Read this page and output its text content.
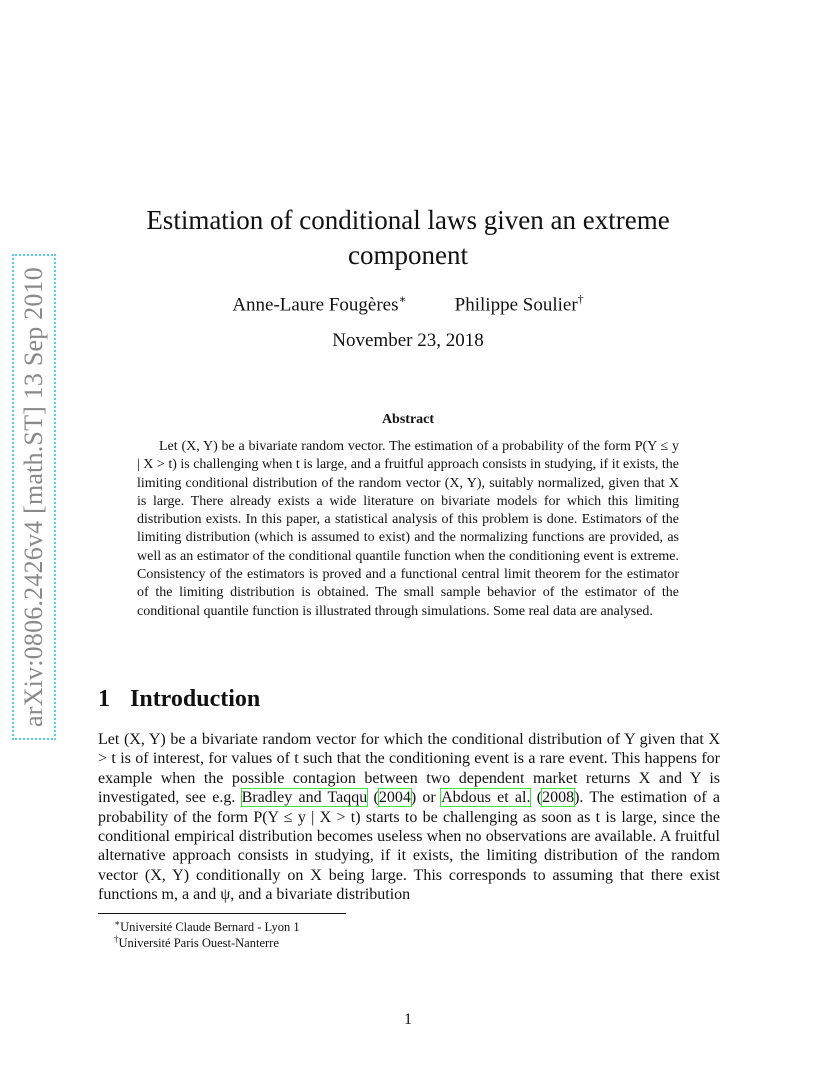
arXiv:0806.2426v4 [math.ST] 13 Sep 2010
Estimation of conditional laws given an extreme component
Anne-Laure Fougères∗	Philippe Soulier†
November 23, 2018
Abstract

Let (X, Y) be a bivariate random vector. The estimation of a probability of the form P(Y ≤ y | X > t) is challenging when t is large, and a fruitful approach consists in studying, if it exists, the limiting conditional distribution of the random vector (X, Y), suitably normalized, given that X is large. There already exists a wide literature on bivariate models for which this limiting distribution exists. In this paper, a statistical analysis of this problem is done. Estimators of the limiting distribution (which is assumed to exist) and the normalizing functions are provided, as well as an estimator of the conditional quantile function when the conditioning event is extreme. Consistency of the estimators is proved and a functional central limit theorem for the estimator of the limiting distribution is obtained. The small sample behavior of the estimator of the conditional quantile function is illustrated through simulations. Some real data are analysed.

1 Introduction

Let (X, Y) be a bivariate random vector for which the conditional distribution of Y given that X > t is of interest, for values of t such that the conditioning event is a rare event. This happens for example when the possible contagion between two dependent market returns X and Y is investigated, see e.g. Bradley and Taqqu (2004) or Abdous et al. (2008). The estimation of a probability of the form P(Y ≤ y | X > t) starts to be challenging as soon as t is large, since the conditional empirical distribution becomes useless when no observations are available. A fruitful alternative approach consists in studying, if it exists, the limiting distribution of the random vector (X, Y) conditionally on X being large. This corresponds to assuming that there exist functions m, a and ψ, and a bivariate distribution

∗Université Claude Bernard - Lyon 1
†Université Paris Ouest-Nanterre
1
